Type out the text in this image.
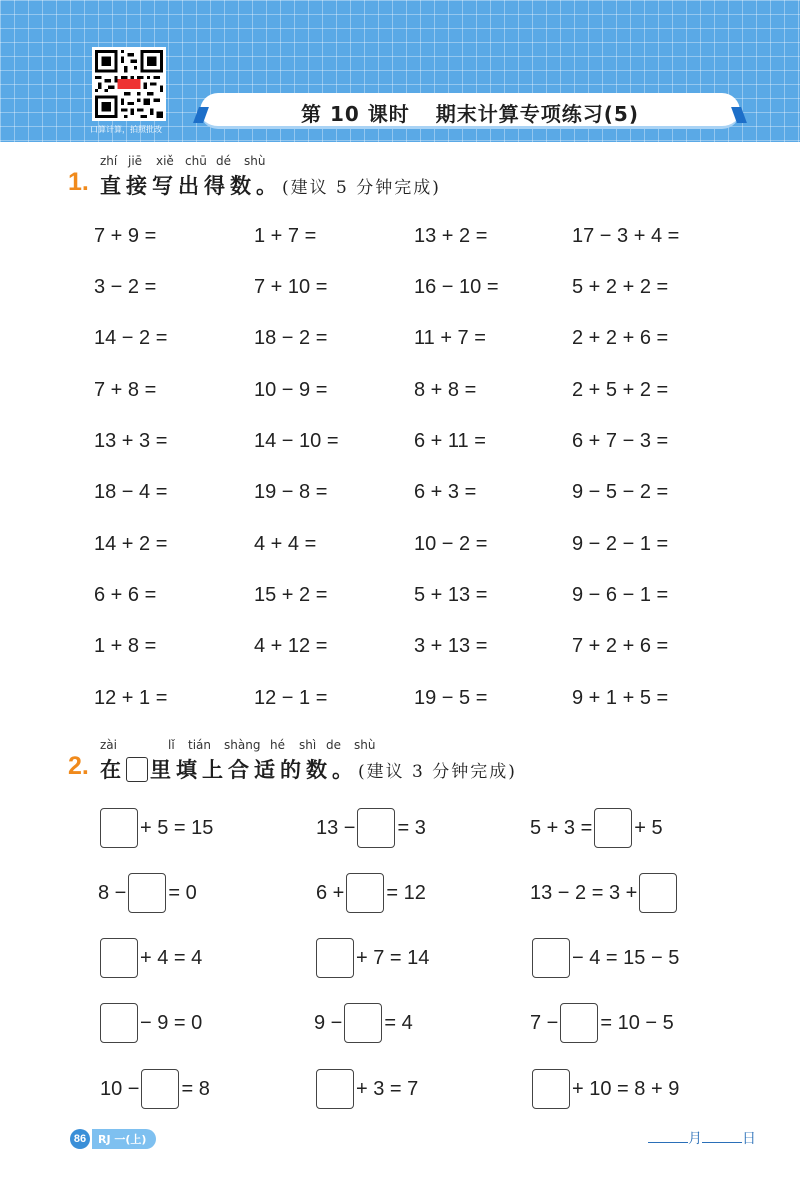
口算计算，拍照批改
第 10 课时 期末计算专项练习(5)
zhí jiē xiě chū dé shù
1. 直接写出得数。(建议 5 分钟完成)
7 + 9 =	1 + 7 =	13 + 2 =	17 − 3 + 4 =
3 − 2 =	7 + 10 =	16 − 10 =	5 + 2 + 2 =
14 − 2 =	18 − 2 =	11 + 7 =	2 + 2 + 6 =
7 + 8 =	10 − 9 =	8 + 8 =	2 + 5 + 2 =
13 + 3 =	14 − 10 =	6 + 11 =	6 + 7 − 3 =
18 − 4 =	19 − 8 =	6 + 3 =	9 − 5 − 2 =
14 + 2 =	4 + 4 =	10 − 2 =	9 − 2 − 1 =
6 + 6 =	15 + 2 =	5 + 13 =	9 − 6 − 1 =
1 + 8 =	4 + 12 =	3 + 13 =	7 + 2 + 6 =
12 + 1 =	12 − 1 =	19 − 5 =	9 + 1 + 5 =
zài	lǐ tián shàng hé shì de shù
2. 在 里填上合适的数。(建议 3 分钟完成)
+ 5 = 15	13 − = 3	5 + 3 = + 5
8 − = 0	6 + = 12	13 − 2 = 3 +
+ 4 = 4	+ 7 = 14	− 4 = 15 − 5
− 9 = 0	9 − = 4	7 − = 10 − 5
10 − = 8	+ 3 = 7	+ 10 = 8 + 9
86	RJ 一(上)	月	日
